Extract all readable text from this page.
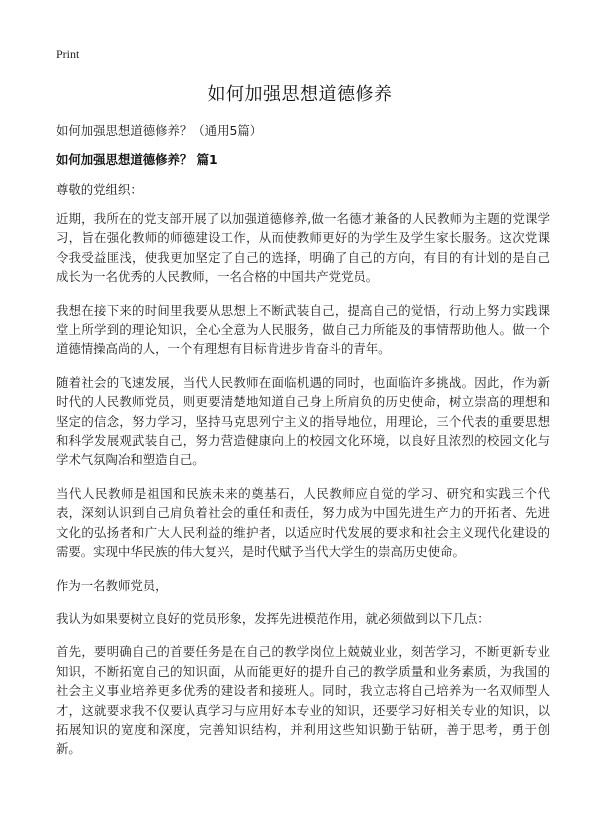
Print
如何加强思想道德修养
如何加强思想道德修养？（通用5篇）
如何加强思想道德修养？ 篇1
尊敬的党组织：

近期，我所在的党支部开展了以加强道德修养,做一名德才兼备的人民教师为主题的党课学习，旨在强化教师的师德建设工作，从而使教师更好的为学生及学生家长服务。这次党课令我受益匪浅，使我更加坚定了自己的选择，明确了自己的方向，有目的有计划的是自己成长为一名优秀的人民教师，一名合格的中国共产党党员。

我想在接下来的时间里我要从思想上不断武装自己，提高自己的觉悟，行动上努力实践课堂上所学到的理论知识，全心全意为人民服务，做自己力所能及的事情帮助他人。做一个道德情操高尚的人，一个有理想有目标肯进步肯奋斗的青年。

随着社会的飞速发展，当代人民教师在面临机遇的同时，也面临许多挑战。因此，作为新时代的人民教师党员，则更要清楚地知道自己身上所肩负的历史使命，树立崇高的理想和坚定的信念，努力学习，坚持马克思列宁主义的指导地位，用理论，三个代表的重要思想和科学发展观武装自己，努力营造健康向上的校园文化环境，以良好且浓烈的校园文化与学术气氛陶冶和塑造自己。

当代人民教师是祖国和民族未来的奠基石，人民教师应自觉的学习、研究和实践三个代表，深刻认识到自己肩负着社会的重任和责任，努力成为中国先进生产力的开拓者、先进文化的弘扬者和广大人民利益的维护者，以适应时代发展的要求和社会主义现代化建设的需要。实现中华民族的伟大复兴，是时代赋予当代大学生的崇高历史使命。

作为一名教师党员，

我认为如果要树立良好的党员形象，发挥先进模范作用，就必须做到以下几点：

首先，要明确自己的首要任务是在自己的教学岗位上兢兢业业，刻苦学习，不断更新专业知识，不断拓宽自己的知识面，从而能更好的提升自己的教学质量和业务素质，为我国的社会主义事业培养更多优秀的建设者和接班人。同时，我立志将自己培养为一名双师型人才，这就要求我不仅要认真学习与应用好本专业的知识，还要学习好相关专业的知识，以拓展知识的宽度和深度，完善知识结构，并利用这些知识勤于钻研，善于思考，勇于创新。
